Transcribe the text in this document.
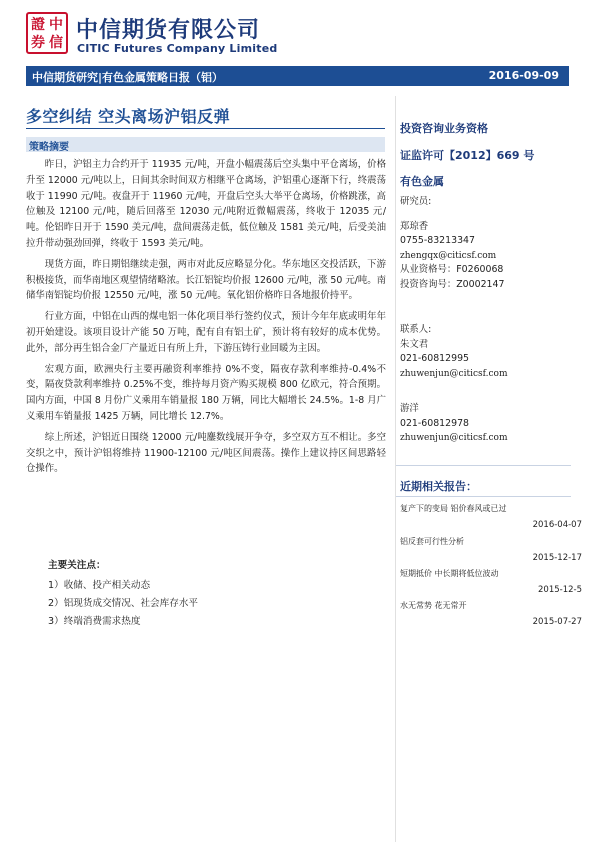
證 中
券 信 中信期货有限公司
CITIC Futures Company Limited
中信期货研究|有色金属策略日报（铝）	2016-09-09
多空纠结 空头离场沪铝反弹
策略摘要

昨日，沪铝主力合约开于 11935 元/吨，开盘小幅震荡后空头集中平仓离场，价格升至 12000 元/吨以上，日间其余时间双方相继平仓离场，沪铝重心逐渐下行，终震荡收于 11990 元/吨。夜盘开于 11960 元/吨，开盘后空头大举平仓离场，价格跳涨，高位触及 12100 元/吨，随后回落至 12030 元/吨附近微幅震荡，终收于 12035 元/吨。伦铝昨日开于 1590 美元/吨，盘间震荡走低，低位触及 1581 美元/吨，后受美油拉升带动强劲回弹，终收于 1593 美元/吨。

现货方面，昨日期铝继续走强，两市对此反应略显分化。华东地区交投活跃，下游积极接货，而华南地区观望情绪略浓。长江铝锭均价报 12600 元/吨，涨 50 元/吨。南储华南铝锭均价报 12550 元/吨，涨 50 元/吨。氧化铝价格昨日各地报价持平。

行业方面，中铝在山西的煤电铝一体化项目举行签约仪式，预计今年年底或明年年初开始建设。该项目设计产能 50 万吨，配有自有铝土矿，预计将有较好的成本优势。此外，部分再生铝合金厂产量近日有所上升，下游压铸行业回暖为主因。

宏观方面，欧洲央行主要再融资利率维持 0%不变，隔夜存款利率维持-0.4%不变，隔夜贷款利率维持 0.25%不变，维持每月资产购买规模 800 亿欧元，符合预期。国内方面，中国 8 月份广义乘用车销量报 180 万辆，同比大幅增长 24.5%。1-8 月广义乘用车销量报 1425 万辆，同比增长 12.7%。

综上所述，沪铝近日围绕 12000 元/吨鏖数线展开争夺，多空双方互不相让。多空交织之中，预计沪铝将维持 11900-12100 元/吨区间震荡。操作上建议持区间思路轻仓操作。

主要关注点：
1）收储、投产相关动态
2）铝现货成交情况、社会库存水平
3）终端消费需求热度
投资咨询业务资格
证监许可【2012】669 号
有色金属
研究员:
郑琼香
0755-83213347
zhengqx@citicsf.com
从业资格号：F0260068
投资咨询号：Z0002147
联系人:
朱文君
021-60812995
zhuwenjun@citicsf.com
游洋
021-60812978
zhuwenjun@citicsf.com
近期相关报告：
复产下的变局 铝价春风或已过
2016-04-07
铝反套可行性分析
2015-12-17
短期抵价 中长期将低位波动
2015-12-5
水无常势 花无常开
2015-07-27
